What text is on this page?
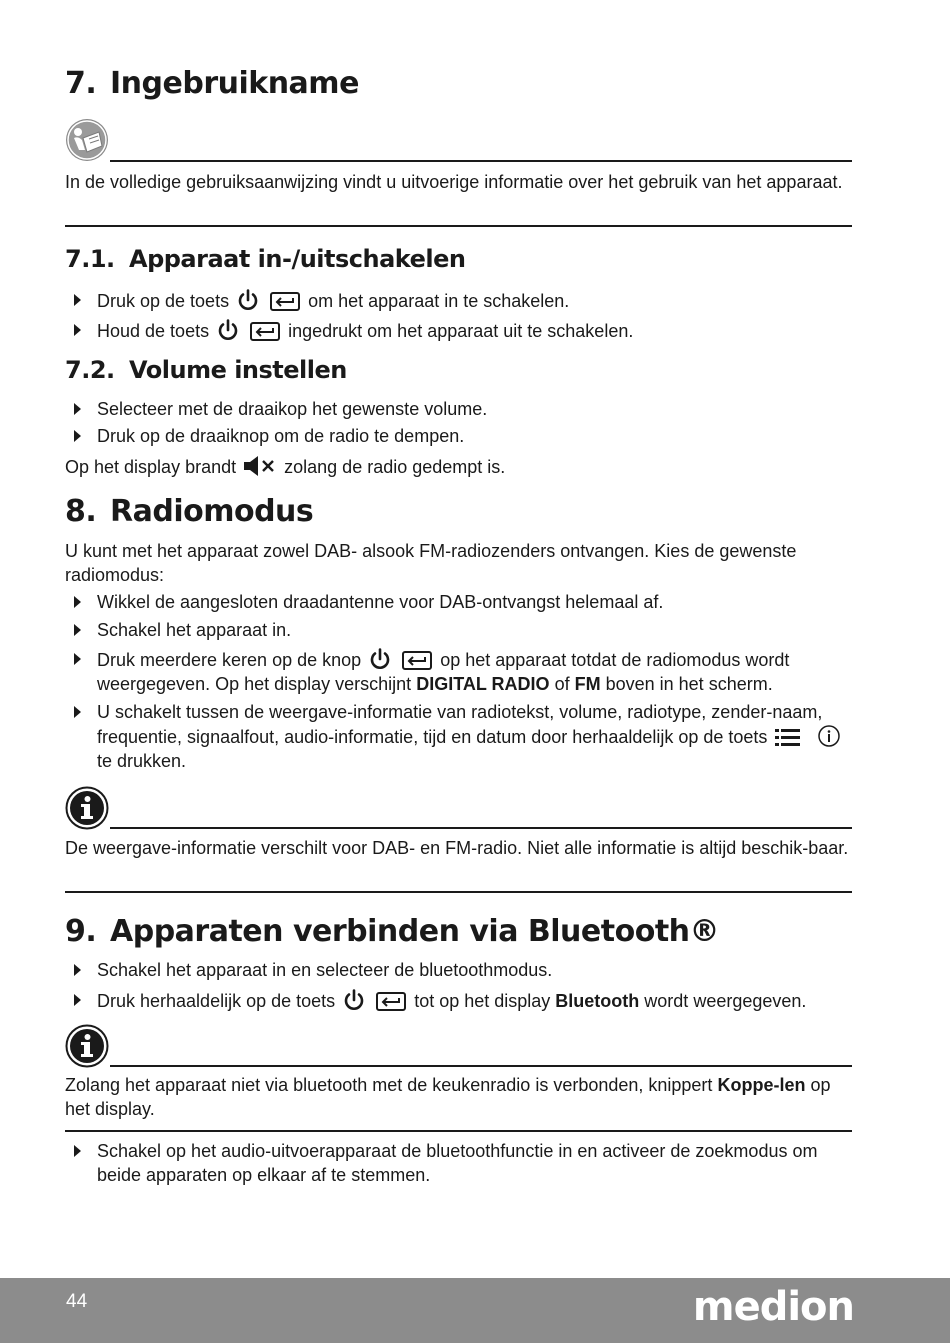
7. Ingebruikname
In de volledige gebruiksaanwijzing vindt u uitvoerige informatie over het gebruik van het apparaat.
7.1. Apparaat in-/uitschakelen
Druk op de toets	om het apparaat in te schakelen.
Houd de toets	ingedrukt om het apparaat uit te schakelen.
7.2. Volume instellen
Selecteer met de draaikop het gewenste volume.
Druk op de draaiknop om de radio te dempen.
Op het display brandt	zolang de radio gedempt is.
8. Radiomodus
U kunt met het apparaat zowel DAB- alsook FM-radiozenders ontvangen. Kies de gewenste radiomodus:
Wikkel de aangesloten draadantenne voor DAB-ontvangst helemaal af.
Schakel het apparaat in.
Druk meerdere keren op de knop	op het apparaat totdat de radiomodus wordt weergegeven. Op het display verschijnt DIGITAL RADIO of FM boven in het scherm.
U schakelt tussen de weergave-informatie van radiotekst, volume, radiotype, zender-naam, frequentie, signaalfout, audio-informatie, tijd en datum door herhaaldelijk op de toets   te drukken.
De weergave-informatie verschilt voor DAB- en FM-radio. Niet alle informatie is altijd beschik-baar.
9. Apparaten verbinden via Bluetooth®
Schakel het apparaat in en selecteer de bluetoothmodus.
Druk herhaaldelijk op de toets	tot op het display Bluetooth wordt weergegeven.
Zolang het apparaat niet via bluetooth met de keukenradio is verbonden, knippert Koppe-len op het display.
Schakel op het audio-uitvoerapparaat de bluetoothfunctie in en activeer de zoekmodus om beide apparaten op elkaar af te stemmen.
44	medion
